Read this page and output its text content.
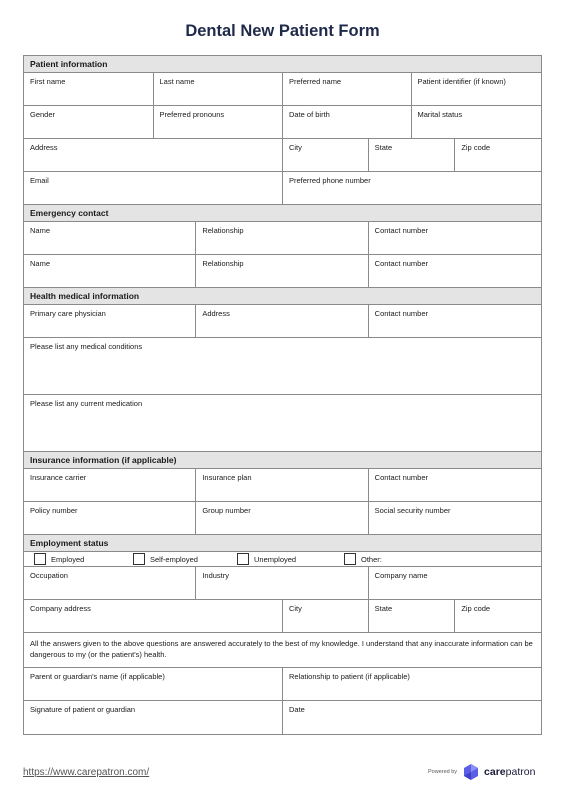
Dental New Patient Form
Patient information
First name	Last name	Preferred name	Patient identifier (if known)
Gender	Preferred pronouns	Date of birth	Marital status
Address	City	State	Zip code
Email	Preferred phone number
Emergency contact
Name	Relationship	Contact number
Name	Relationship	Contact number
Health medical information
Primary care physician	Address	Contact number
Please list any medical conditions
Please list any current medication
Insurance information (if applicable)
Insurance carrier	Insurance plan	Contact number
Policy number	Group number	Social security number
Employment status
Employed	Self-employed	Unemployed	Other:
Occupation	Industry	Company name
Company address	City	State	Zip code
All the answers given to the above questions are answered accurately to the best of my knowledge. I understand that any inaccurate information can be dangerous to my (or the patient's) health.
Parent or guardian's name (if applicable)	Relationship to patient (if applicable)
Signature of patient or guardian	Date
https://www.carepatron.com/	Powered by	carepatron
